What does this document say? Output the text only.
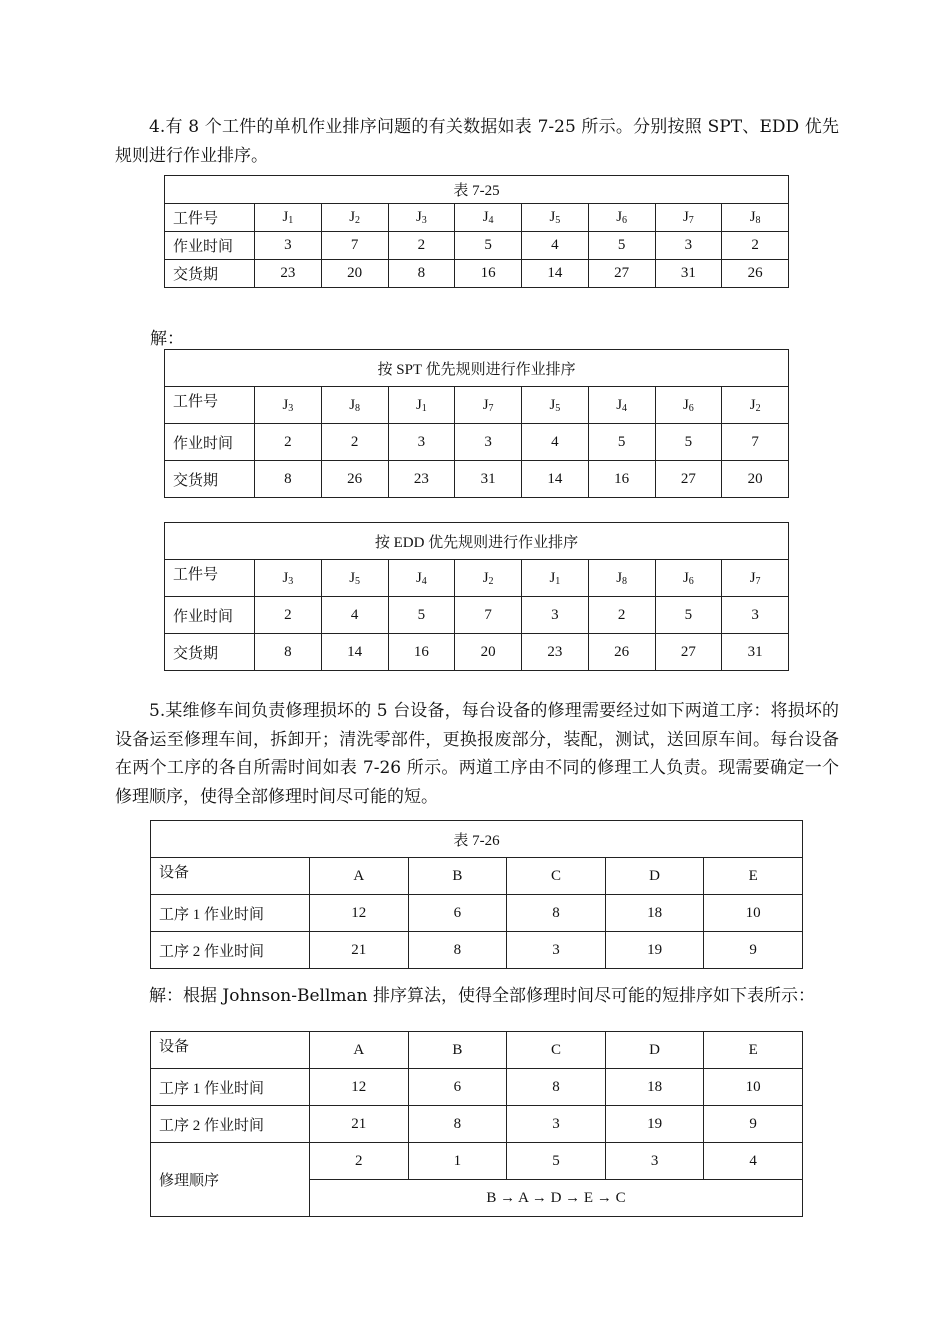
4.有 8 个工件的单机作业排序问题的有关数据如表 7-25 所示。分别按照 SPT、EDD 优先规则进行作业排序。

表 7-25								
工件号	$J_1$	$J_2$	$J_3$	$J_4$	$J_5$	$J_6$	$J_7$	$J_8$
作业时间	3	7	2	5	4	5	3	2
交货期	23	20	8	16	14	27	31	26

解：

按 SPT 优先规则进行作业排序								
工件号	$J_3$	$J_8$	$J_1$	$J_7$	$J_5$	$J_4$	$J_6$	$J_2$
作业时间	2	2	3	3	4	5	5	7
交货期	8	26	23	31	14	16	27	20
按 EDD 优先规则进行作业排序								
工件号	$J_3$	$J_5$	$J_4$	$J_2$	$J_1$	$J_8$	$J_6$	$J_7$
作业时间	2	4	5	7	3	2	5	3
交货期	8	14	16	20	23	26	27	31

5.某维修车间负责修理损坏的 5 台设备，每台设备的修理需要经过如下两道工序：将损坏的设备运至修理车间，拆卸开；清洗零部件，更换报废部分，装配，测试，送回原车间。每台设备在两个工序的各自所需时间如表 7-26 所示。两道工序由不同的修理工人负责。现需要确定一个修理顺序，使得全部修理时间尽可能的短。

表 7-26					
设备	A	B	C	D	E
工序 1 作业时间	12	6	8	18	10
工序 2 作业时间	21	8	3	19	9

解：根据 Johnson-Bellman 排序算法，使得全部修理时间尽可能的短排序如下表所示：

设备	A	B	C	D	E
工序 1 作业时间	12	6	8	18	10
工序 2 作业时间	21	8	3	19	9
修理顺序	2	1	5	3	4
	B → A → D → E → C				
